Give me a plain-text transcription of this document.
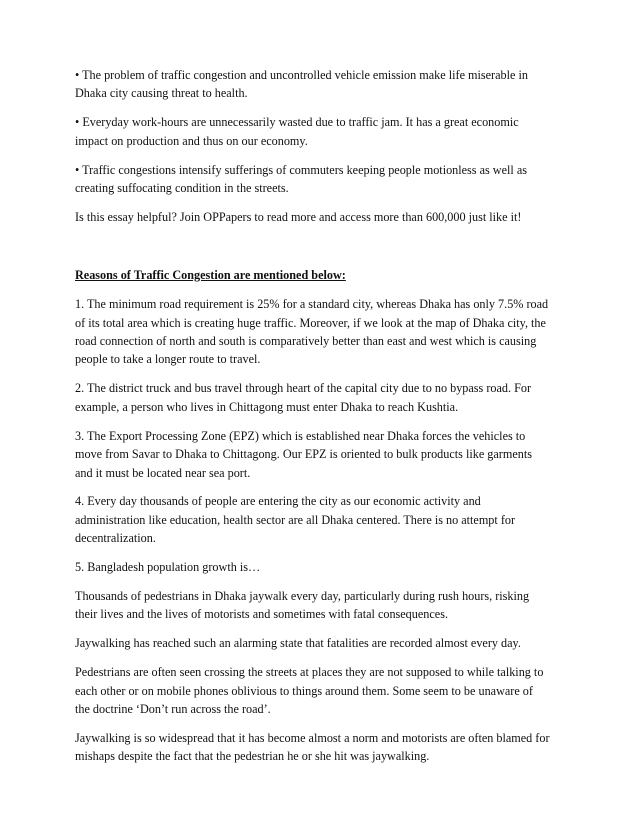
• The problem of traffic congestion and uncontrolled vehicle emission make life miserable in
Dhaka city causing threat to health.
• Everyday work-hours are unnecessarily wasted due to traffic jam. It has a great economic
impact on production and thus on our economy.
• Traffic congestions intensify sufferings of commuters keeping people motionless as well as
creating suffocating condition in the streets.
Is this essay helpful? Join OPPapers to read more and access more than 600,000 just like it!
Reasons of Traffic Congestion are mentioned below:
1. The minimum road requirement is 25% for a standard city, whereas Dhaka has only 7.5% road
of its total area which is creating huge traffic. Moreover, if we look at the map of Dhaka city, the
road connection of north and south is comparatively better than east and west which is causing
people to take a longer route to travel.
2. The district truck and bus travel through heart of the capital city due to no bypass road. For
example, a person who lives in Chittagong must enter Dhaka to reach Kushtia.
3. The Export Processing Zone (EPZ) which is established near Dhaka forces the vehicles to
move from Savar to Dhaka to Chittagong. Our EPZ is oriented to bulk products like garments
and it must be located near sea port.
4. Every day thousands of people are entering the city as our economic activity and
administration like education, health sector are all Dhaka centered. There is no attempt for
decentralization.
5. Bangladesh population growth is…
Thousands of pedestrians in Dhaka jaywalk every day, particularly during rush hours, risking
their lives and the lives of motorists and sometimes with fatal consequences.
Jaywalking has reached such an alarming state that fatalities are recorded almost every day.
Pedestrians are often seen crossing the streets at places they are not supposed to while talking to
each other or on mobile phones oblivious to things around them. Some seem to be unaware of
the doctrine ‘Don’t run across the road’.
Jaywalking is so widespread that it has become almost a norm and motorists are often blamed for
mishaps despite the fact that the pedestrian he or she hit was jaywalking.
